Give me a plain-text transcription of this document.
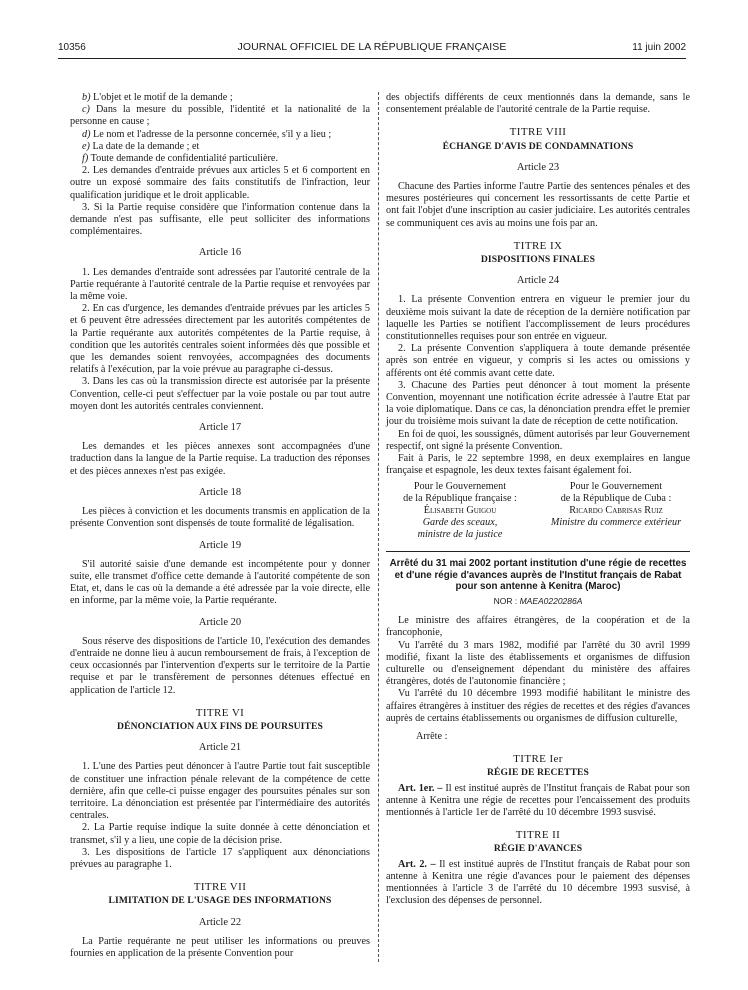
10356	JOURNAL OFFICIEL DE LA RÉPUBLIQUE FRANÇAISE	11 juin 2002

b) L'objet et le motif de la demande ;

c) Dans la mesure du possible, l'identité et la nationalité de la personne en cause ;

d) Le nom et l'adresse de la personne concernée, s'il y a lieu ;

e) La date de la demande ; et

f) Toute demande de confidentialité particulière.

2. Les demandes d'entraide prévues aux articles 5 et 6 comportent en outre un exposé sommaire des faits constitutifs de l'infraction, leur qualification juridique et le droit applicable.

3. Si la Partie requise considère que l'information contenue dans la demande n'est pas suffisante, elle peut solliciter des informations complémentaires.

Article 16

1. Les demandes d'entraide sont adressées par l'autorité centrale de la Partie requérante à l'autorité centrale de la Partie requise et renvoyées par la même voie.

2. En cas d'urgence, les demandes d'entraide prévues par les articles 5 et 6 peuvent être adressées directement par les autorités compétentes de la Partie requérante aux autorités compétentes de la Partie requise, à condition que les autorités centrales soient informées dès que possible et que les demandes soient renvoyées, accompagnées des documents relatifs à l'exécution, par la voie prévue au paragraphe ci-dessus.

3. Dans les cas où la transmission directe est autorisée par la présente Convention, celle-ci peut s'effectuer par la voie postale ou par tout autre moyen dont les autorités centrales conviennent.

Article 17

Les demandes et les pièces annexes sont accompagnées d'une traduction dans la langue de la Partie requise. La traduction des réponses et des pièces annexes n'est pas exigée.

Article 18

Les pièces à conviction et les documents transmis en application de la présente Convention sont dispensés de toute formalité de légalisation.

Article 19

S'il autorité saisie d'une demande est incompétente pour y donner suite, elle transmet d'office cette demande à l'autorité compétente de son Etat, et, dans le cas où la demande a été adressée par la voie directe, elle en informe, par la même voie, la Partie requérante.

Article 20

Sous réserve des dispositions de l'article 10, l'exécution des demandes d'entraide ne donne lieu à aucun remboursement de frais, à l'exception de ceux occasionnés par l'intervention d'experts sur le territoire de la Partie requise et par le transfèrement de personnes détenues effectué en application de l'article 12.

TITRE VI
DÉNONCIATION AUX FINS DE POURSUITES
Article 21

1. L'une des Parties peut dénoncer à l'autre Partie tout fait susceptible de constituer une infraction pénale relevant de la compétence de cette dernière, afin que celle-ci puisse engager des poursuites pénales sur son territoire. La dénonciation est présentée par l'intermédiaire des autorités centrales.

2. La Partie requise indique la suite donnée à cette dénonciation et transmet, s'il y a lieu, une copie de la décision prise.

3. Les dispositions de l'article 17 s'appliquent aux dénonciations prévues au paragraphe 1.

TITRE VII
LIMITATION DE L'USAGE DES INFORMATIONS
Article 22

La Partie requérante ne peut utiliser les informations ou preuves fournies en application de la présente Convention pour

des objectifs différents de ceux mentionnés dans la demande, sans le consentement préalable de l'autorité centrale de la Partie requise.

TITRE VIII
ÉCHANGE D'AVIS DE CONDAMNATIONS
Article 23

Chacune des Parties informe l'autre Partie des sentences pénales et des mesures postérieures qui concernent les ressortissants de cette Partie et ont fait l'objet d'une inscription au casier judiciaire. Les autorités centrales se communiquent ces avis au moins une fois par an.

TITRE IX
DISPOSITIONS FINALES
Article 24

1. La présente Convention entrera en vigueur le premier jour du deuxième mois suivant la date de réception de la dernière notification par laquelle les Parties se notifient l'accomplissement de leurs procédures constitutionnelles requises pour son entrée en vigueur.

2. La présente Convention s'appliquera à toute demande présentée après son entrée en vigueur, y compris si les actes ou omissions y afférents ont été commis avant cette date.

3. Chacune des Parties peut dénoncer à tout moment la présente Convention, moyennant une notification écrite adressée à l'autre Etat par la voie diplomatique. Dans ce cas, la dénonciation prendra effet le premier jour du troisième mois suivant la date de réception de cette notification.

En foi de quoi, les soussignés, dûment autorisés par leur Gouvernement respectif, ont signé la présente Convention.

Fait à Paris, le 22 septembre 1998, en deux exemplaires en langue française et espagnole, les deux textes faisant également foi.

Pour le Gouvernement
de la République française :
Élisabeth Guigou
Garde des sceaux,
ministre de la justice
Pour le Gouvernement
de la République de Cuba :
Ricardo Cabrisas Ruiz
Ministre du commerce extérieur
Arrêté du 31 mai 2002 portant institution d'une régie de recettes et d'une régie d'avances auprès de l'Institut français de Rabat pour son antenne à Kenitra (Maroc)
NOR : MAEA0220286A

Le ministre des affaires étrangères, de la coopération et de la francophonie,

Vu l'arrêté du 3 mars 1982, modifié par l'arrêté du 30 avril 1999 modifié, fixant la liste des établissements et organismes de diffusion culturelle ou d'enseignement dépendant du ministère des affaires étrangères, dotés de l'autonomie financière ;

Vu l'arrêté du 10 décembre 1993 modifié habilitant le ministre des affaires étrangères à instituer des régies de recettes et des régies d'avances auprès de certains établissements ou organismes de diffusion culturelle,

Arrête :

TITRE Ier
RÉGIE DE RECETTES

Art. 1er. – Il est institué auprès de l'Institut français de Rabat pour son antenne à Kenitra une régie de recettes pour l'encaissement des produits mentionnés à l'article 1er de l'arrêté du 10 décembre 1993 susvisé.

TITRE II
RÉGIE D'AVANCES

Art. 2. – Il est institué auprès de l'Institut français de Rabat pour son antenne à Kenitra une régie d'avances pour le paiement des dépenses mentionnées à l'article 3 de l'arrêté du 10 décembre 1993 susvisé, à l'exclusion des dépenses de personnel.
